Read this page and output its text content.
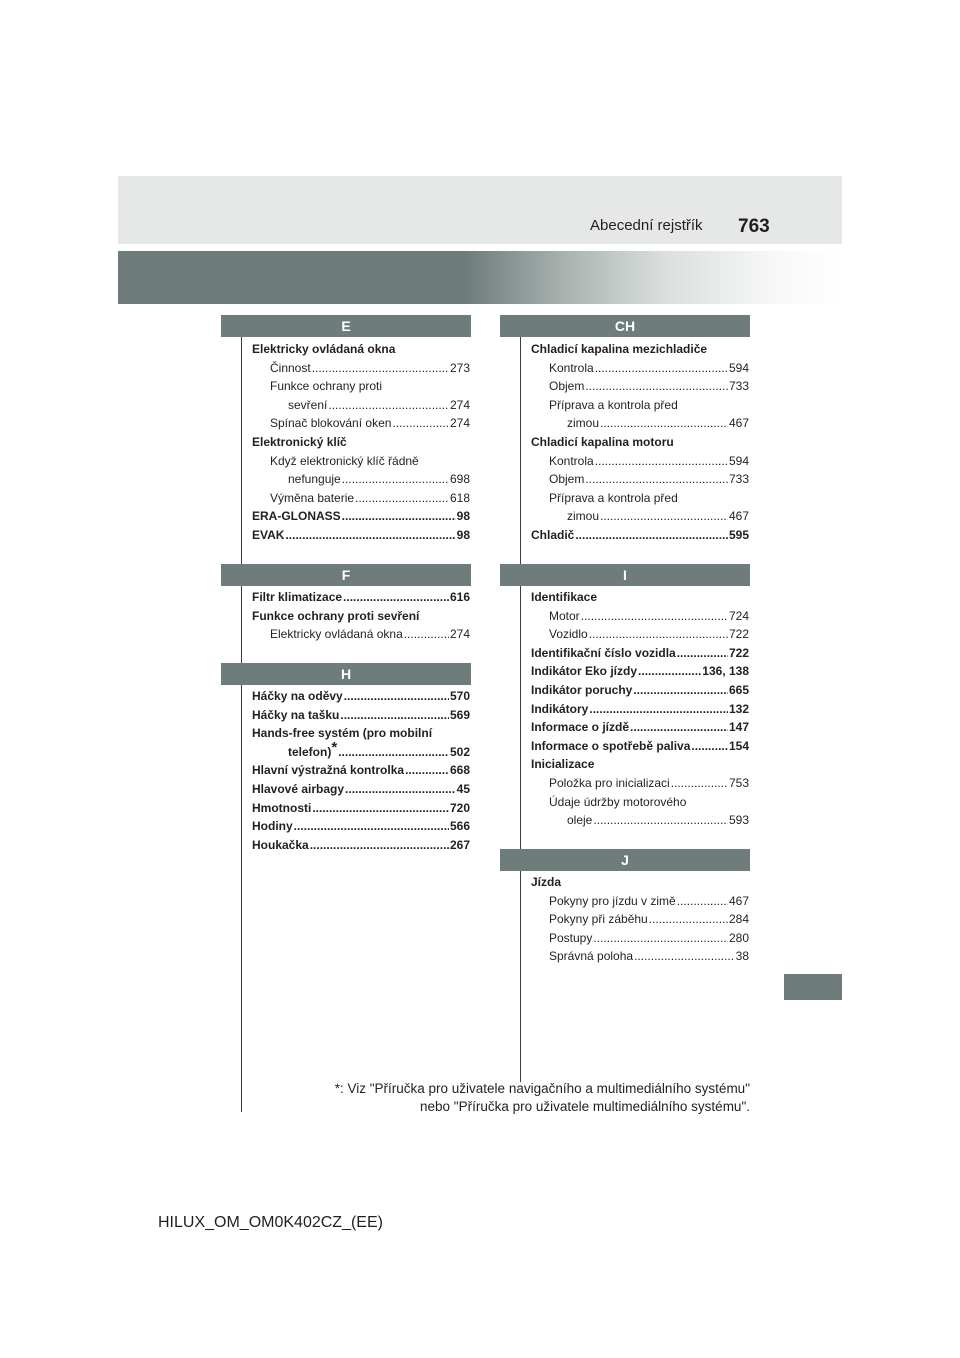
Abecední rejstřík 763
E
F
H
CH
I
J
Elektricky ovládaná okna
Činnost .....	273
Funkce ochrany proti
sevření .....	274
Spínač blokování oken .....	274
Elektronický klíč
Když elektronický klíč řádně
nefunguje .....	698
Výměna baterie .....	618
ERA-GLONASS .....	98
EVAK .....	98
Filtr klimatizace .....	616
Funkce ochrany proti sevření
Elektricky ovládaná okna .....	274
Háčky na oděvy .....	570
Háčky na tašku .....	569
Hands-free systém (pro mobilní
telefon)* .....	502
Hlavní výstražná kontrolka .....	668
Hlavové airbagy .....	45
Hmotnosti .....	720
Hodiny .....	566
Houkačka .....	267
Chladicí kapalina mezichladiče
Kontrola .....	594
Objem .....	733
Příprava a kontrola před
zimou .....	467
Chladicí kapalina motoru
Kontrola .....	594
Objem .....	733
Příprava a kontrola před
zimou .....	467
Chladič .....	595
Identifikace
Motor .....	724
Vozidlo .....	722
Identifikační číslo vozidla .....	722
Indikátor Eko jízdy .....	136, 138
Indikátor poruchy .....	665
Indikátory .....	132
Informace o jízdě .....	147
Informace o spotřebě paliva .....	154
Inicializace
Položka pro inicializaci .....	753
Údaje údržby motorového
oleje .....	593
Jízda
Pokyny pro jízdu v zimě .....	467
Pokyny při záběhu .....	284
Postupy .....	280
Správná poloha .....	38
*: Viz "Příručka pro uživatele navigačního a multimediálního systému"
nebo "Příručka pro uživatele multimediálního systému".
HILUX_OM_OM0K402CZ_(EE)
